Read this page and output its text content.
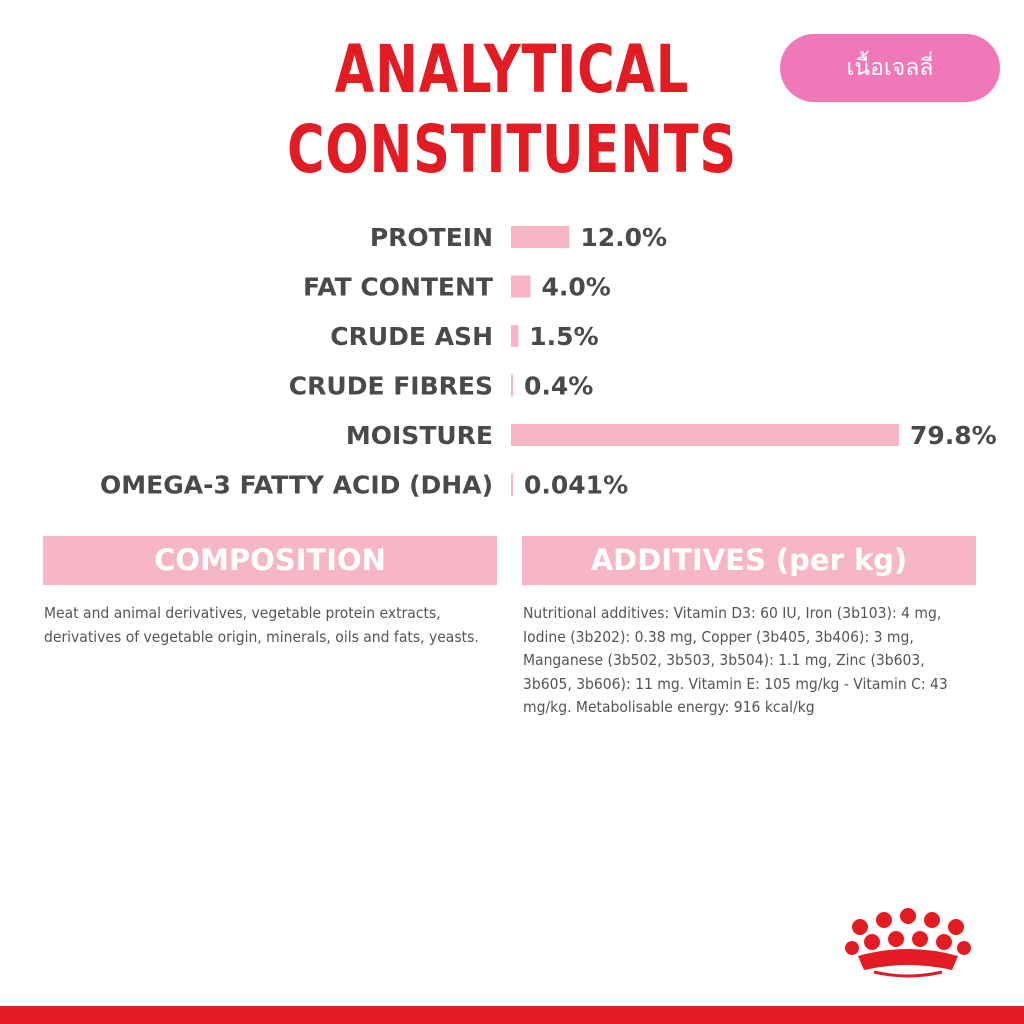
ANALYTICAL
CONSTITUENTS
เนื้อเจลลี่
PROTEIN	12.0%
FAT CONTENT 4.0%
CRUDE ASH 1.5%
CRUDE FIBRES 0.4%
MOISTURE	79.8%
OMEGA-3 FATTY ACID (DHA) 0.041%
COMPOSITION	ADDITIVES (per kg)
Meat and animal derivatives, vegetable protein extracts, derivatives of vegetable origin, minerals, oils and fats, yeasts.
Nutritional additives: Vitamin D3: 60 IU, Iron (3b103): 4 mg, Iodine (3b202): 0.38 mg, Copper (3b405, 3b406): 3 mg, Manganese (3b502, 3b503, 3b504): 1.1 mg, Zinc (3b603, 3b605, 3b606): 11 mg. Vitamin E: 105 mg/kg - Vitamin C: 43 mg/kg. Metabolisable energy: 916 kcal/kg
